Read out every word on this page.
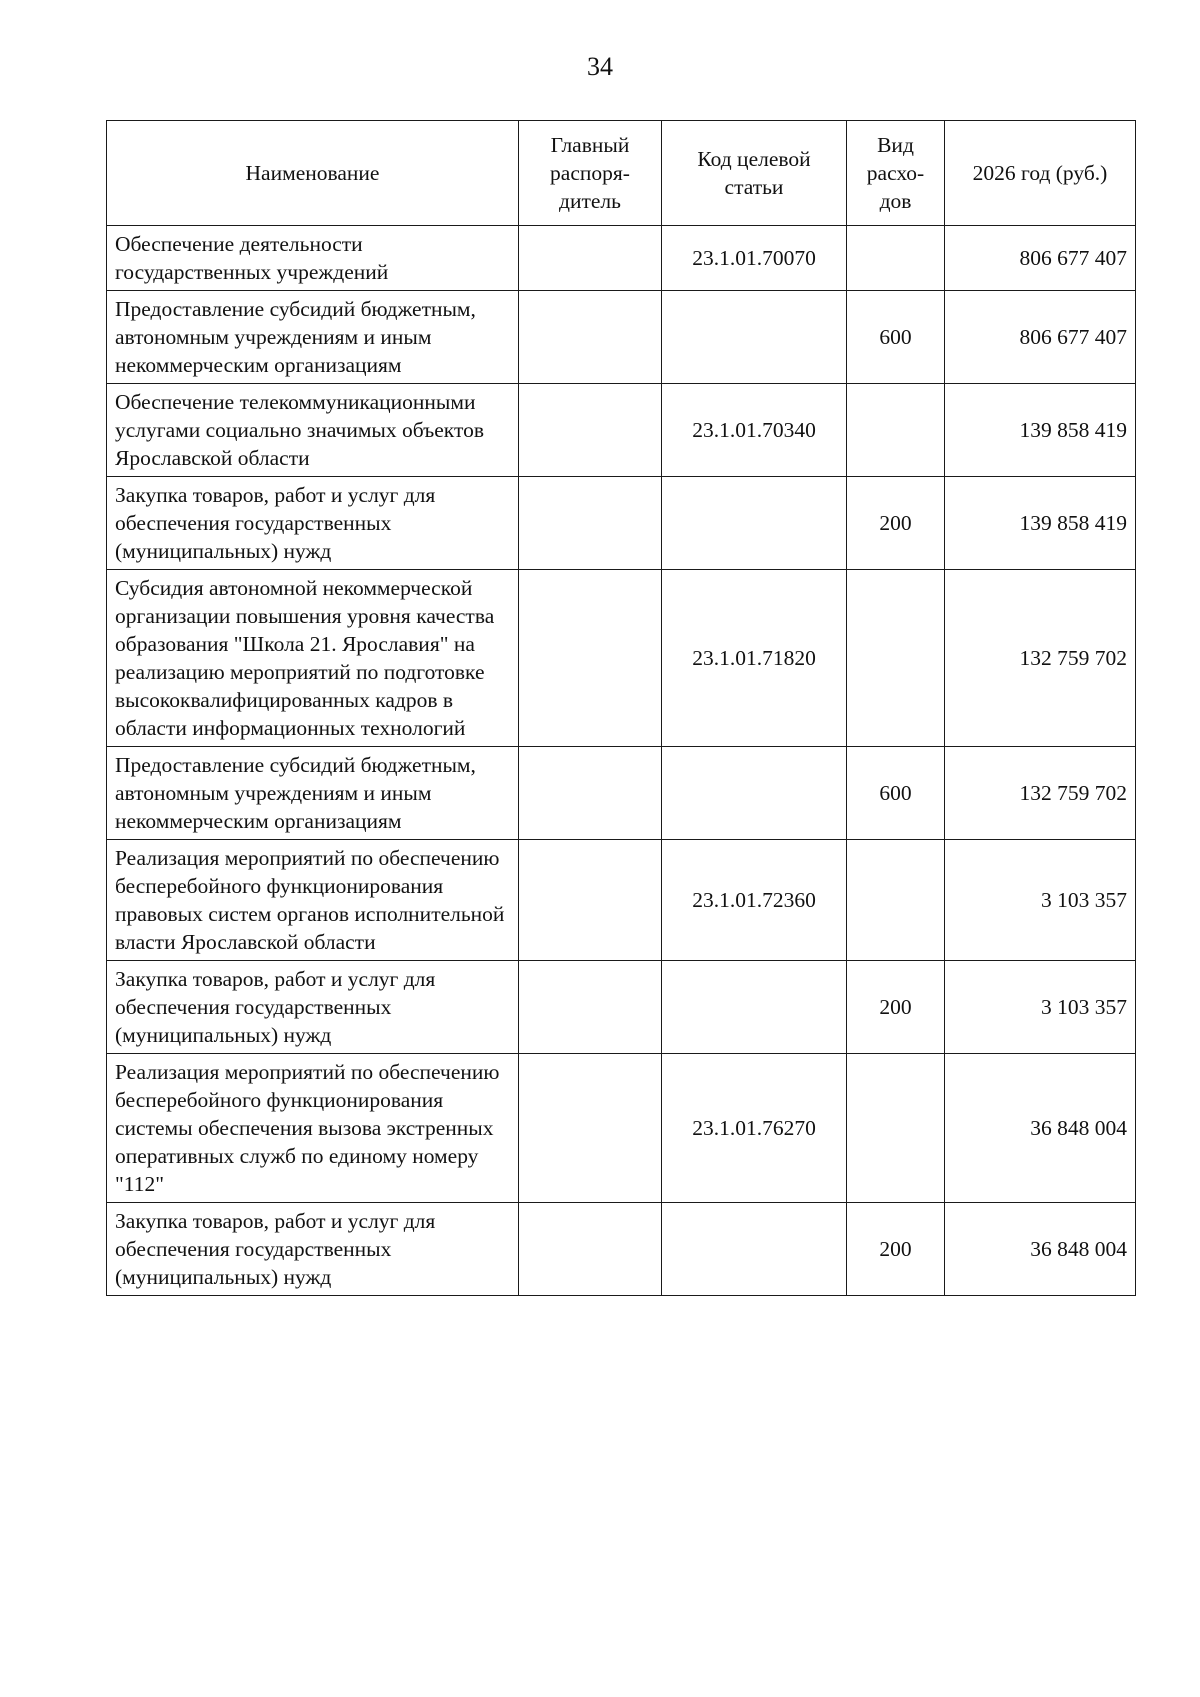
34
Наименование	Главный распоря-дитель	Код целевой статьи	Вид расхо-дов	2026 год (руб.)
Обеспечение деятельности государственных учреждений		23.1.01.70070		806 677 407
Предоставление субсидий бюджетным, автономным учреждениям и иным некоммерческим организациям			600	806 677 407
Обеспечение телекоммуникационными услугами социально значимых объектов Ярославской области		23.1.01.70340		139 858 419
Закупка товаров, работ и услуг для обеспечения государственных (муниципальных) нужд			200	139 858 419
Субсидия автономной некоммерческой организации повышения уровня качества образования "Школа 21. Ярославия" на реализацию мероприятий по подготовке высококвалифицированных кадров в области информационных технологий		23.1.01.71820		132 759 702
Предоставление субсидий бюджетным, автономным учреждениям и иным некоммерческим организациям			600	132 759 702
Реализация мероприятий по обеспечению бесперебойного функционирования правовых систем органов исполнительной власти Ярославской области		23.1.01.72360		3 103 357
Закупка товаров, работ и услуг для обеспечения государственных (муниципальных) нужд			200	3 103 357
Реализация мероприятий по обеспечению бесперебойного функционирования системы обеспечения вызова экстренных оперативных служб по единому номеру "112"		23.1.01.76270		36 848 004
Закупка товаров, работ и услуг для обеспечения государственных (муниципальных) нужд			200	36 848 004
